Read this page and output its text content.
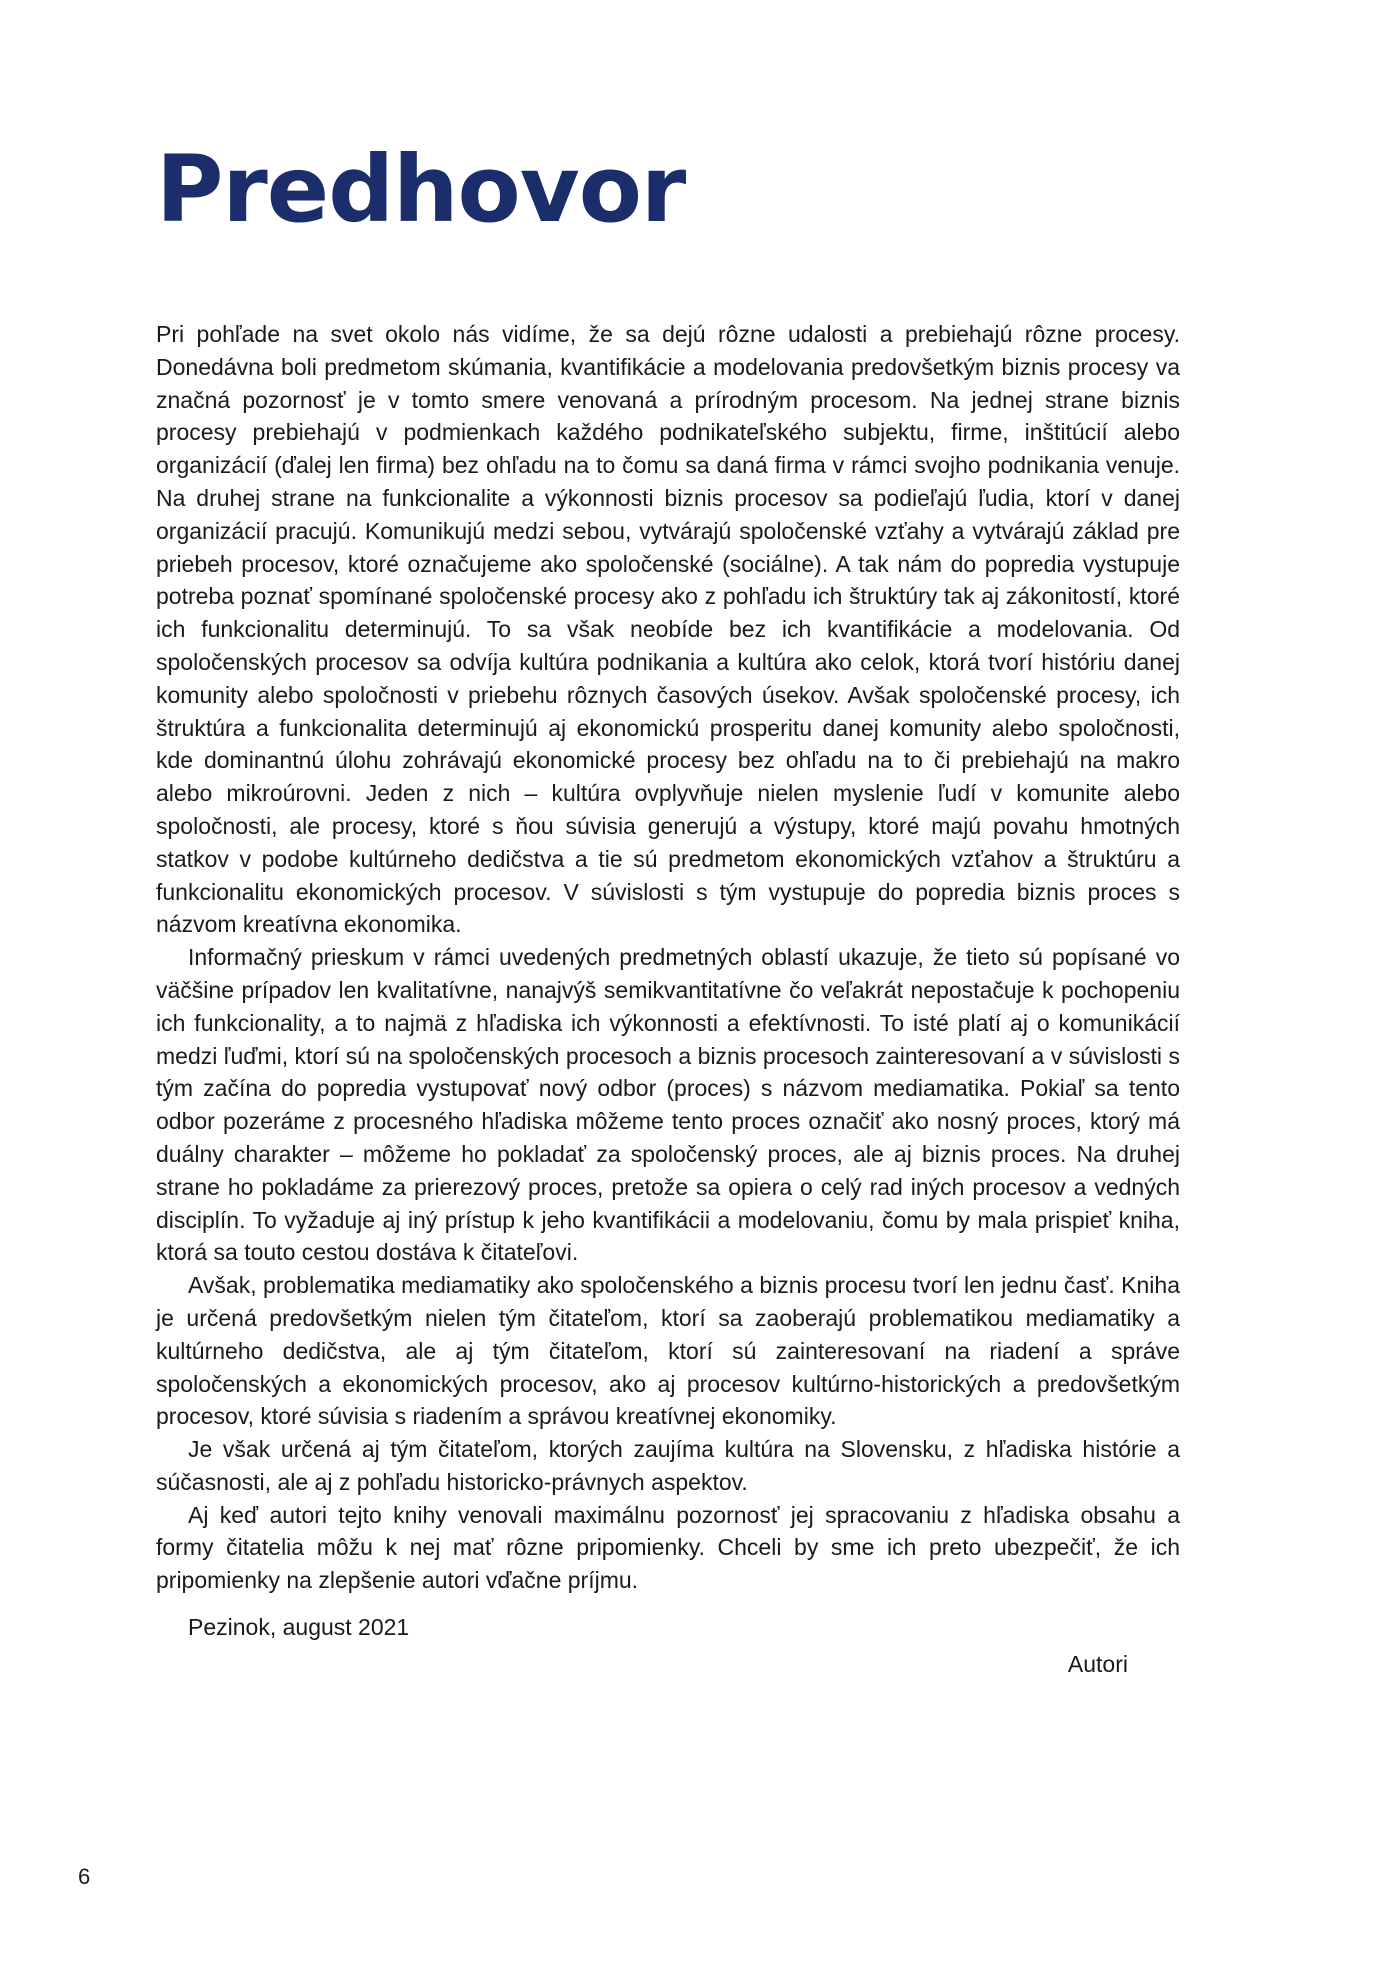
Predhovor

Pri pohľade na svet okolo nás vidíme, že sa dejú rôzne udalosti a prebiehajú rôzne procesy. Donedávna boli predmetom skúmania, kvantifikácie a modelovania predovšetkým biznis procesy va značná pozornosť je v tomto smere venovaná a prírodným procesom. Na jednej strane biznis procesy prebiehajú v podmienkach každého podnikateľského subjektu, firme, inštitúcií alebo organizácií (ďalej len firma) bez ohľadu na to čomu sa daná firma v rámci svojho podnikania venuje. Na druhej strane na funkcionalite a výkonnosti biznis procesov sa podieľajú ľudia, ktorí v danej organizácií pracujú. Komunikujú medzi sebou, vytvárajú spoločenské vzťahy a vytvárajú základ pre priebeh procesov, ktoré označujeme ako spoločenské (sociálne). A tak nám do popredia vystupuje potreba poznať spomínané spoločenské procesy ako z pohľadu ich štruktúry tak aj zákonitostí, ktoré ich funkcionalitu determinujú. To sa však neobíde bez ich kvantifikácie a modelovania. Od spoločenských procesov sa odvíja kultúra podnikania a kultúra ako celok, ktorá tvorí históriu danej komunity alebo spoločnosti v priebehu rôznych časových úsekov. Avšak spoločenské procesy, ich štruktúra a funkcionalita determinujú aj ekonomickú prosperitu danej komunity alebo spoločnosti, kde dominantnú úlohu zohrávajú ekonomické procesy bez ohľadu na to či prebiehajú na makro alebo mikroúrovni. Jeden z nich – kultúra ovplyvňuje nielen myslenie ľudí v komunite alebo spoločnosti, ale procesy, ktoré s ňou súvisia generujú a výstupy, ktoré majú povahu hmotných statkov v podobe kultúrneho dedičstva a tie sú predmetom ekonomických vzťahov a štruktúru a funkcionalitu ekonomických procesov. V súvislosti s tým vystupuje do popredia biznis proces s názvom kreatívna ekonomika.

Informačný prieskum v rámci uvedených predmetných oblastí ukazuje, že tieto sú popísané vo väčšine prípadov len kvalitatívne, nanajvýš semikvantitatívne čo veľakrát nepostačuje k pochopeniu ich funkcionality, a to najmä z hľadiska ich výkonnosti a efektívnosti. To isté platí aj o komunikácií medzi ľuďmi, ktorí sú na spoločenských procesoch a biznis procesoch zainteresovaní a v súvislosti s tým začína do popredia vystupovať nový odbor (proces) s názvom mediamatika. Pokiaľ sa tento odbor pozeráme z procesného hľadiska môžeme tento proces označiť ako nosný proces, ktorý má duálny charakter – môžeme ho pokladať za spoločenský proces, ale aj biznis proces. Na druhej strane ho pokladáme za prierezový proces, pretože sa opiera o celý rad iných procesov a vedných disciplín. To vyžaduje aj iný prístup k jeho kvantifikácii a modelovaniu, čomu by mala prispieť kniha, ktorá sa touto cestou dostáva k čitateľovi.

Avšak, problematika mediamatiky ako spoločenského a biznis procesu tvorí len jednu časť. Kniha je určená predovšetkým nielen tým čitateľom, ktorí sa zaoberajú problematikou mediamatiky a kultúrneho dedičstva, ale aj tým čitateľom, ktorí sú zainteresovaní na riadení a správe spoločenských a ekonomických procesov, ako aj procesov kultúrno-historických a predovšetkým procesov, ktoré súvisia s riadením a správou kreatívnej ekonomiky.

Je však určená aj tým čitateľom, ktorých zaujíma kultúra na Slovensku, z hľadiska histórie a súčasnosti, ale aj z pohľadu historicko-právnych aspektov.

Aj keď autori tejto knihy venovali maximálnu pozornosť jej spracovaniu z hľadiska obsahu a formy čitatelia môžu k nej mať rôzne pripomienky. Chceli by sme ich preto ubezpečiť, že ich pripomienky na zlepšenie autori vďačne príjmu.

Pezinok, august 2021
Autori
6
